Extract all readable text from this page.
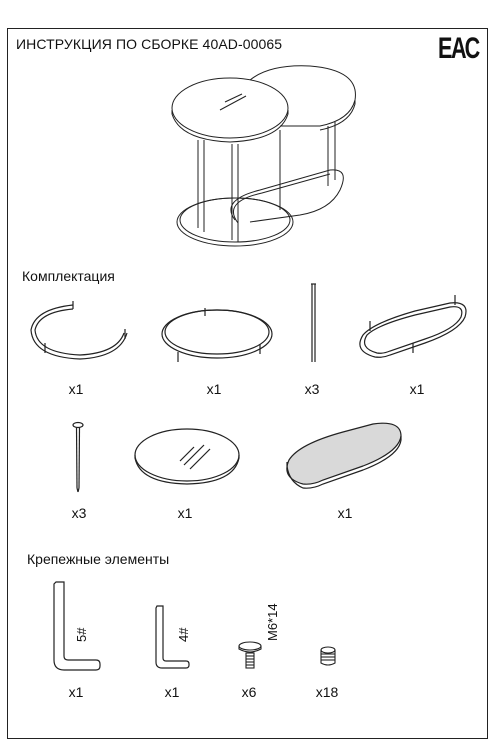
ИНСТРУКЦИЯ ПО СБОРКЕ 40AD-00065	ЕАС
Комплектация
x1	x1	x3	x1
x3	x1	x1
Крепежные элементы
5#	4#	M6*14
x1	x1	x6	x18
